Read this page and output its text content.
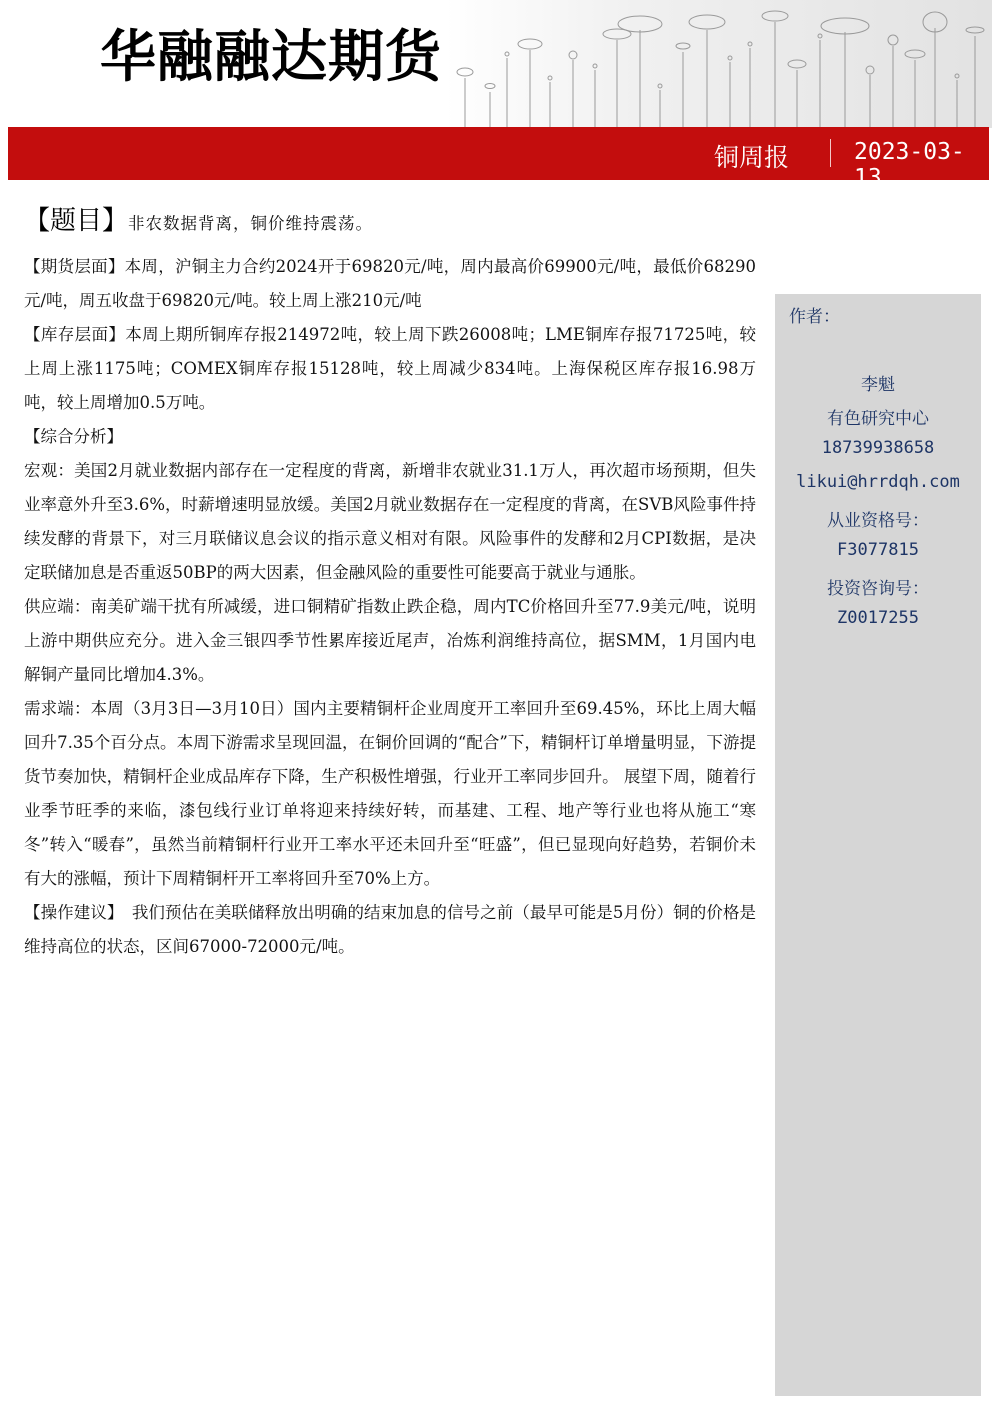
华融融达期货
铜周报	2023-03-13
【题目】非农数据背离，铜价维持震荡。

【期货层面】本周，沪铜主力合约2024开于69820元/吨，周内最高价69900元/吨，最低价68290元/吨，周五收盘于69820元/吨。较上周上涨210元/吨

【库存层面】本周上期所铜库存报214972吨，较上周下跌26008吨；LME铜库存报71725吨，较上周上涨1175吨；COMEX铜库存报15128吨，较上周减少834吨。上海保税区库存报16.98万吨，较上周增加0.5万吨。

【综合分析】

宏观：美国2月就业数据内部存在一定程度的背离，新增非农就业31.1万人，再次超市场预期，但失业率意外升至3.6%，时薪增速明显放缓。美国2月就业数据存在一定程度的背离，在SVB风险事件持续发酵的背景下，对三月联储议息会议的指示意义相对有限。风险事件的发酵和2月CPI数据，是决定联储加息是否重返50BP的两大因素，但金融风险的重要性可能要高于就业与通胀。

供应端：南美矿端干扰有所减缓，进口铜精矿指数止跌企稳，周内TC价格回升至77.9美元/吨，说明上游中期供应充分。进入金三银四季节性累库接近尾声，冶炼利润维持高位，据SMM，1月国内电解铜产量同比增加4.3%。

需求端：本周（3月3日—3月10日）国内主要精铜杆企业周度开工率回升至69.45%，环比上周大幅回升7.35个百分点。本周下游需求呈现回温，在铜价回调的“配合”下，精铜杆订单增量明显，下游提货节奏加快，精铜杆企业成品库存下降，生产积极性增强，行业开工率同步回升。 展望下周，随着行业季节旺季的来临，漆包线行业订单将迎来持续好转，而基建、工程、地产等行业也将从施工“寒冬”转入“暖春”，虽然当前精铜杆行业开工率水平还未回升至“旺盛”，但已显现向好趋势，若铜价未有大的涨幅，预计下周精铜杆开工率将回升至70%上方。

【操作建议】　我们预估在美联储释放出明确的结束加息的信号之前（最早可能是5月份）铜的价格是维持高位的状态，区间67000-72000元/吨。

作者：
李魁
有色研究中心
18739938658
likui@hrrdqh.com
从业资格号：
F3077815
投资咨询号：
Z0017255
